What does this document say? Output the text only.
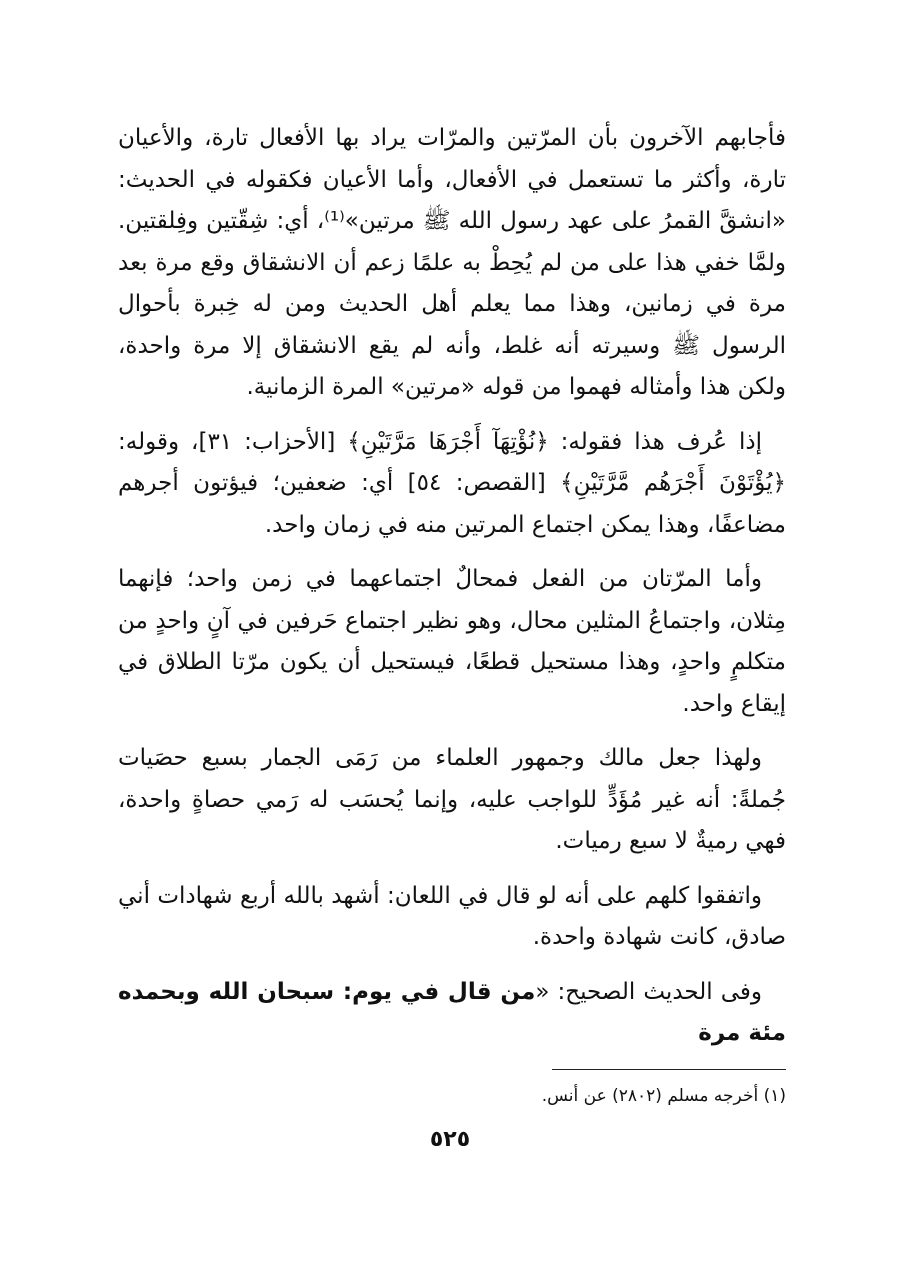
فأجابهم الآخرون بأن المرّتين والمرّات يراد بها الأفعال تارة، والأعيان تارة، وأكثر ما تستعمل في الأفعال، وأما الأعيان فكقوله في الحديث: «انشقَّ القمرُ على عهد رسول الله ﷺ مرتين»⁽¹⁾، أي: شِقّتين وفِلقتين. ولمَّا خفي هذا على من لم يُحِطْ به علمًا زعم أن الانشقاق وقع مرة بعد مرة في زمانين، وهذا مما يعلم أهل الحديث ومن له خِبرة بأحوال الرسول ﷺ وسيرته أنه غلط، وأنه لم يقع الانشقاق إلا مرة واحدة، ولكن هذا وأمثاله فهموا من قوله «مرتين» المرة الزمانية.

إذا عُرف هذا فقوله: ﴿نُؤْتِهَآ أَجْرَهَا مَرَّتَيْنِ﴾ [الأحزاب: ٣١]، وقوله: ﴿يُؤْتَوْنَ أَجْرَهُم مَّرَّتَيْنِ﴾ [القصص: ٥٤] أي: ضعفين؛ فيؤتون أجرهم مضاعفًا، وهذا يمكن اجتماع المرتين منه في زمان واحد.

وأما المرّتان من الفعل فمحالٌ اجتماعهما في زمن واحد؛ فإنهما مِثلان، واجتماعُ المثلين محال، وهو نظير اجتماع حَرفين في آنٍ واحدٍ من متكلمٍ واحدٍ، وهذا مستحيل قطعًا، فيستحيل أن يكون مرّتا الطلاق في إيقاع واحد.

ولهذا جعل مالك وجمهور العلماء من رَمَى الجمار بسبع حصَيات جُملةً: أنه غير مُؤَدٍّ للواجب عليه، وإنما يُحسَب له رَمي حصاةٍ واحدة، فهي رميةٌ لا سبع رميات.

واتفقوا كلهم على أنه لو قال في اللعان: أشهد بالله أربع شهادات أني صادق، كانت شهادة واحدة.

وفى الحديث الصحيح: «من قال في يوم: سبحان الله وبحمده مئة مرة

(١) أخرجه مسلم (٢٨٠٢) عن أنس.
٥٢٥
